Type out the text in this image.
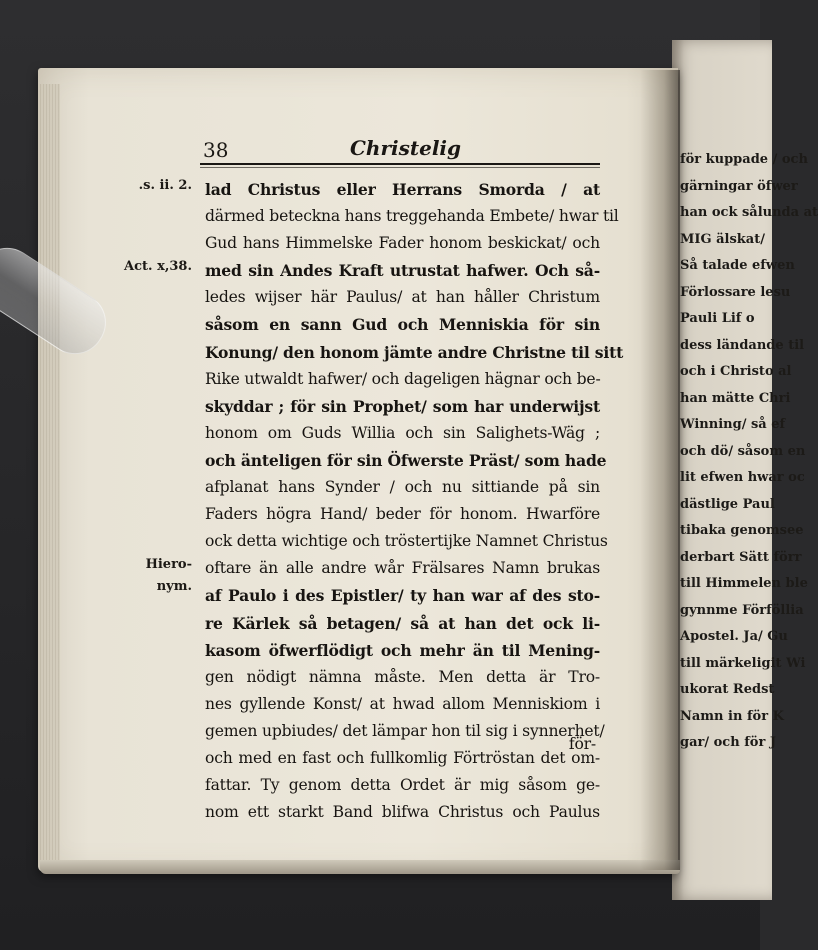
för kuppade / och
gärningar öfwer
han ock sålunda at
MIG älskat/
Så talade efwen
Förlossare lesu
Pauli Lif o
dess ländande til
och i Christo al
han mätte Chri
Winning/ så ef
och dö/ såsom en
lit efwen hwar oc
dästlige Paul
tibaka genomsee
derbart Sätt förr
till Himmelen ble
gynnme Förföllia
Apostel. Ja/ Gu
till märkeligit Wi
ukorat Redst
Namn in för K
gar/ och för J
38	Christelig
.s. ii. 2.
Act. x,38.
Hiero-
nym.
lad Christus eller Herrans Smorda / at
därmed beteckna hans treggehanda Embete/ hwar til
Gud hans Himmelske Fader honom beskickat/ och
med sin Andes Kraft utrustat hafwer. Och så-
ledes wijser här Paulus/ at han håller Christum
såsom en sann Gud och Menniskia för sin
Konung/ den honom jämte andre Christne til sitt
Rike utwaldt hafwer/ och dageligen hägnar och be-
skyddar ; för sin Prophet/ som har underwijst
honom om Guds Willia och sin Salighets-Wäg ;
och änteligen för sin Öfwerste Präst/ som hade
afplanat hans Synder / och nu sittiande på sin
Faders högra Hand/ beder för honom. Hwarföre
ock detta wichtige och tröstertijke Namnet Christus
oftare än alle andre wår Frälsares Namn brukas
af Paulo i des Epistler/ ty han war af des sto-
re Kärlek så betagen/ så at han det ock li-
kasom öfwerflödigt och mehr än til Mening-
gen nödigt nämna måste. Men detta är Tro-
nes gyllende Konst/ at hwad allom Menniskiom i
gemen upbiudes/ det lämpar hon til sig i synnerhet/
och med en fast och fullkomlig Förtröstan det om-
fattar. Ty genom detta Ordet är mig såsom ge-
nom ett starkt Band blifwa Christus och Paulus
för-
